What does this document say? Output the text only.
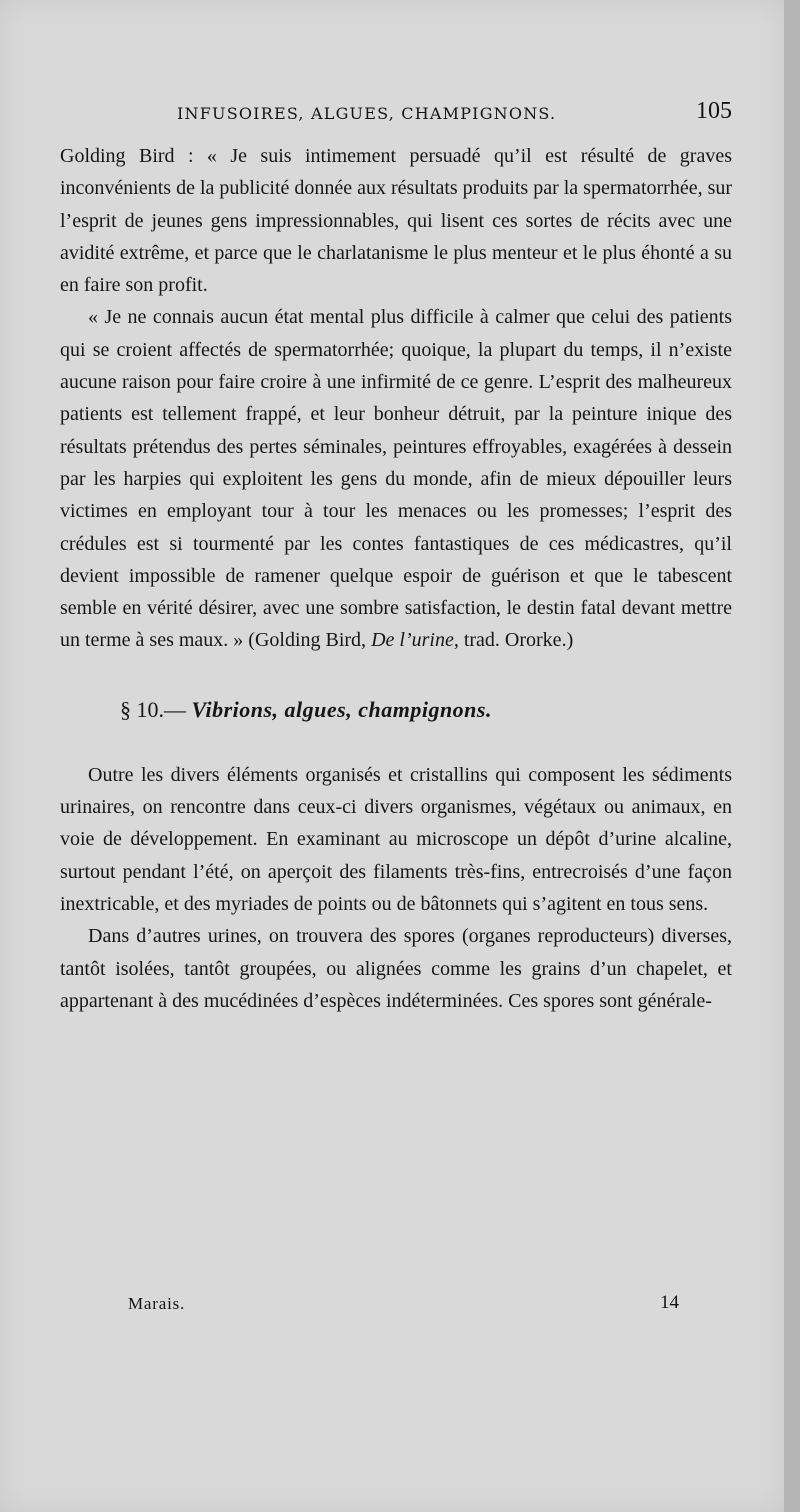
INFUSOIRES, ALGUES, CHAMPIGNONS.	105

Golding Bird : « Je suis intimement persuadé qu’il est résulté de graves inconvénients de la publicité donnée aux résultats produits par la spermatorrhée, sur l’esprit de jeunes gens impressionnables, qui lisent ces sortes de récits avec une avidité extrême, et parce que le charlatanisme le plus menteur et le plus éhonté a su en faire son profit.

« Je ne connais aucun état mental plus difficile à calmer que celui des patients qui se croient affectés de spermatorrhée; quoique, la plupart du temps, il n’existe aucune raison pour faire croire à une infirmité de ce genre. L’esprit des malheureux patients est tellement frappé, et leur bonheur détruit, par la peinture inique des résultats prétendus des pertes séminales, peintures effroyables, exagérées à dessein par les harpies qui exploitent les gens du monde, afin de mieux dépouiller leurs victimes en employant tour à tour les menaces ou les promesses; l’esprit des crédules est si tourmenté par les contes fantastiques de ces médicastres, qu’il devient impossible de ramener quelque espoir de guérison et que le tabescent semble en vérité désirer, avec une sombre satisfaction, le destin fatal devant mettre un terme à ses maux. » (Golding Bird, De l’urine, trad. Ororke.)

§ 10.— Vibrions, algues, champignons.

Outre les divers éléments organisés et cristallins qui composent les sédiments urinaires, on rencontre dans ceux-ci divers organismes, végétaux ou animaux, en voie de développement. En examinant au microscope un dépôt d’urine alcaline, surtout pendant l’été, on aperçoit des filaments très-fins, entrecroisés d’une façon inextricable, et des myriades de points ou de bâtonnets qui s’agitent en tous sens.

Dans d’autres urines, on trouvera des spores (organes reproducteurs) diverses, tantôt isolées, tantôt groupées, ou alignées comme les grains d’un chapelet, et appartenant à des mucédinées d’espèces indéterminées. Ces spores sont générale-

Marais.	14
